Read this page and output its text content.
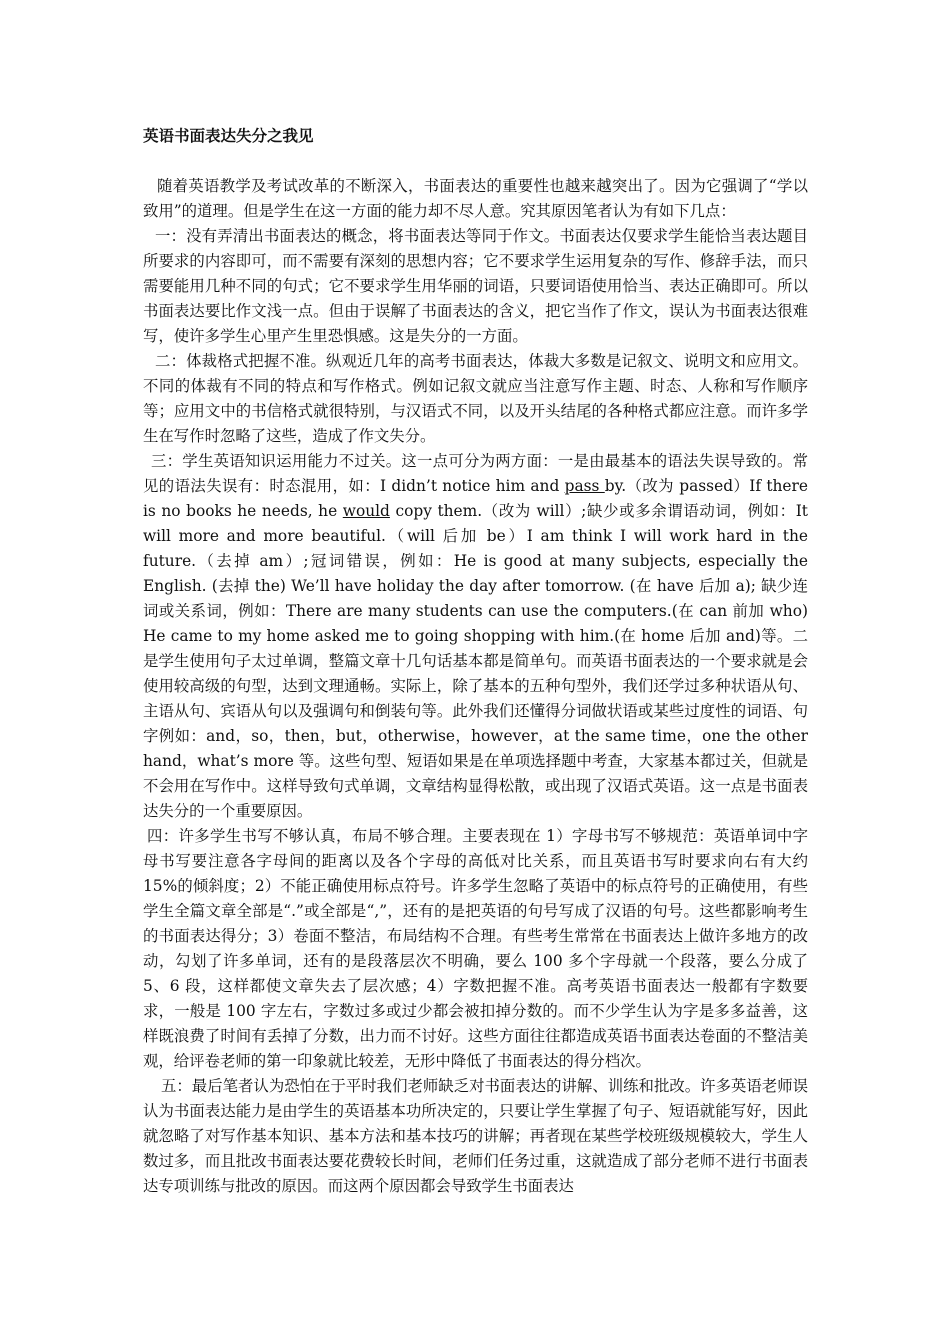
英语书面表达失分之我见

随着英语教学及考试改革的不断深入，书面表达的重要性也越来越突出了。因为它强调了“学以致用”的道理。但是学生在这一方面的能力却不尽人意。究其原因笔者认为有如下几点：

一：没有弄清出书面表达的概念，将书面表达等同于作文。书面表达仅要求学生能恰当表达题目所要求的内容即可，而不需要有深刻的思想内容；它不要求学生运用复杂的写作、修辞手法，而只需要能用几种不同的句式；它不要求学生用华丽的词语，只要词语使用恰当、表达正确即可。所以书面表达要比作文浅一点。但由于误解了书面表达的含义，把它当作了作文，误认为书面表达很难写，使许多学生心里产生里恐惧感。这是失分的一方面。

二：体裁格式把握不准。纵观近几年的高考书面表达，体裁大多数是记叙文、说明文和应用文。不同的体裁有不同的特点和写作格式。例如记叙文就应当注意写作主题、时态、人称和写作顺序等；应用文中的书信格式就很特别，与汉语式不同，以及开头结尾的各种格式都应注意。而许多学生在写作时忽略了这些，造成了作文失分。

三：学生英语知识运用能力不过关。这一点可分为两方面：一是由最基本的语法失误导致的。常见的语法失误有：时态混用，如：I didn’t notice him and pass by.（改为 passed）If there is no books he needs, he would copy them.（改为 will）;缺少或多余谓语动词，例如：It will more and more beautiful.（will 后加 be）I am think I will work hard in the future.（去掉 am）;冠词错误，例如：He is good at many subjects, especially the English. (去掉 the) We’ll have holiday the day after tomorrow. (在 have 后加 a); 缺少连词或关系词，例如：There are many students can use the computers.(在 can 前加 who) He came to my home asked me to going shopping with him.(在 home 后加 and)等。二是学生使用句子太过单调，整篇文章十几句话基本都是简单句。而英语书面表达的一个要求就是会使用较高级的句型，达到文理通畅。实际上，除了基本的五种句型外，我们还学过多种状语从句、主语从句、宾语从句以及强调句和倒装句等。此外我们还懂得分词做状语或某些过度性的词语、句字例如：and，so，then，but，otherwise，however，at the same time，one the other hand，what’s more 等。这些句型、短语如果是在单项选择题中考查，大家基本都过关，但就是不会用在写作中。这样导致句式单调，文章结构显得松散，或出现了汉语式英语。这一点是书面表达失分的一个重要原因。

四：许多学生书写不够认真，布局不够合理。主要表现在 1）字母书写不够规范：英语单词中字母书写要注意各字母间的距离以及各个字母的高低对比关系，而且英语书写时要求向右有大约 15%的倾斜度；2）不能正确使用标点符号。许多学生忽略了英语中的标点符号的正确使用，有些学生全篇文章全部是“.”或全部是“,”，还有的是把英语的句号写成了汉语的句号。这些都影响考生的书面表达得分；3）卷面不整洁，布局结构不合理。有些考生常常在书面表达上做许多地方的改动，勾划了许多单词，还有的是段落层次不明确，要么 100 多个字母就一个段落，要么分成了 5、6 段，这样都使文章失去了层次感；4）字数把握不准。高考英语书面表达一般都有字数要求，一般是 100 字左右，字数过多或过少都会被扣掉分数的。而不少学生认为字是多多益善，这样既浪费了时间有丢掉了分数，出力而不讨好。这些方面往往都造成英语书面表达卷面的不整洁美观，给评卷老师的第一印象就比较差，无形中降低了书面表达的得分档次。

五：最后笔者认为恐怕在于平时我们老师缺乏对书面表达的讲解、训练和批改。许多英语老师误认为书面表达能力是由学生的英语基本功所决定的，只要让学生掌握了句子、短语就能写好，因此就忽略了对写作基本知识、基本方法和基本技巧的讲解；再者现在某些学校班级规模较大，学生人数过多，而且批改书面表达要花费较长时间，老师们任务过重，这就造成了部分老师不进行书面表达专项训练与批改的原因。而这两个原因都会导致学生书面表达
